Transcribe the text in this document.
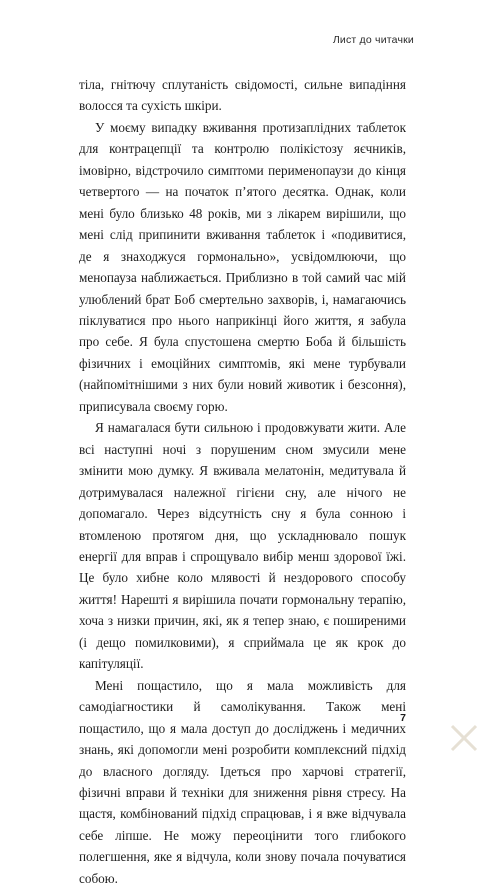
Лист до читачки

тіла, гнітючу сплутаність свідомості, сильне випадіння волосся та сухість шкіри.

У моєму випадку вживання протизаплідних таблеток для контрацепції та контролю полікістозу яєчників, імовірно, відстрочило симптоми перименопаузи до кінця четвертого — на початок п’ятого десятка. Однак, коли мені було близько 48 років, ми з лікарем вирішили, що мені слід припинити вживання таблеток і «подивитися, де я знаходжуся гормонально», усвідомлюючи, що менопауза наближається. Приблизно в той самий час мій улюблений брат Боб смертельно захворів, і, намагаючись піклуватися про нього наприкінці його життя, я забула про себе. Я була спустошена смертю Боба й більшість фізичних і емоційних симптомів, які мене турбували (найпомітнішими з них були новий животик і безсоння), приписувала своєму горю.

Я намагалася бути сильною і продовжувати жити. Але всі наступні ночі з порушеним сном змусили мене змінити мою думку. Я вживала мелатонін, медитувала й дотримувалася належної гігієни сну, але нічого не допомагало. Через відсутність сну я була сонною і втомленою протягом дня, що ускладнювало пошук енергії для вправ і спрощувало вибір менш здорової їжі. Це було хибне коло млявості й нездорового способу життя! Нарешті я вирішила почати гормональну терапію, хоча з низки причин, які, як я тепер знаю, є поширеними (і дещо помилковими), я сприймала це як крок до капітуляції.

Мені пощастило, що я мала можливість для самодіагностики й самолікування. Також мені пощастило, що я мала доступ до досліджень і медичних знань, які допомогли мені розробити комплексний підхід до власного догляду. Ідеться про харчові стратегії, фізичні вправи й техніки для зниження рівня стресу. На щастя, комбінований підхід спрацював, і я вже відчувала себе ліпше. Не можу переоцінити того глибокого полегшення, яке я відчула, коли знову почала почуватися собою.

7
